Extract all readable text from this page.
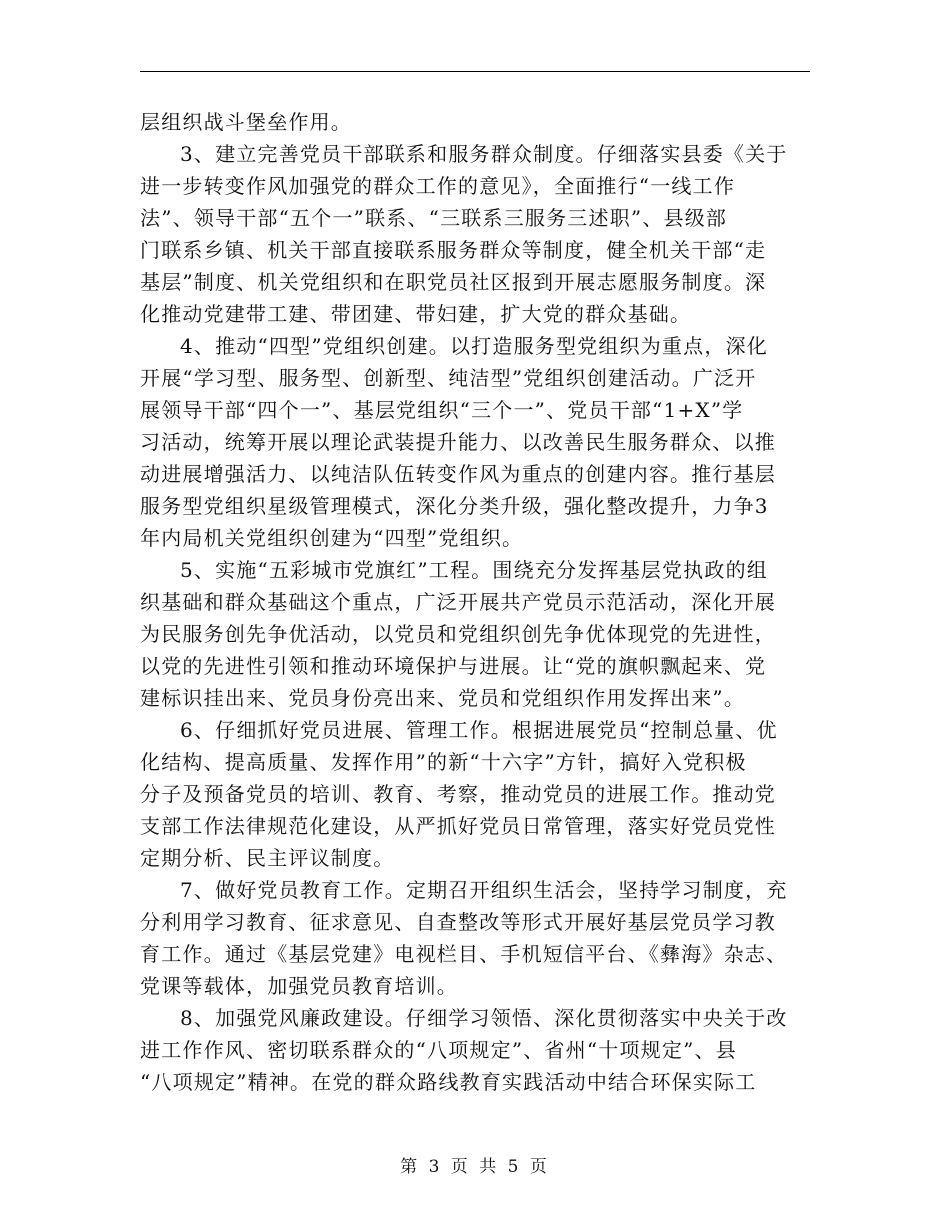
层组织战斗堡垒作用。
3、建立完善党员干部联系和服务群众制度。仔细落实县委《关于
进一步转变作风加强党的群众工作的意见》，全面推行“一线工作
法”、领导干部“五个一”联系、“三联系三服务三述职”、县级部
门联系乡镇、机关干部直接联系服务群众等制度，健全机关干部“走
基层”制度、机关党组织和在职党员社区报到开展志愿服务制度。深
化推动党建带工建、带团建、带妇建，扩大党的群众基础。
4、推动“四型”党组织创建。以打造服务型党组织为重点，深化
开展“学习型、服务型、创新型、纯洁型”党组织创建活动。广泛开
展领导干部“四个一”、基层党组织“三个一”、党员干部“1+X”学
习活动，统筹开展以理论武装提升能力、以改善民生服务群众、以推
动进展增强活力、以纯洁队伍转变作风为重点的创建内容。推行基层
服务型党组织星级管理模式，深化分类升级，强化整改提升，力争3
年内局机关党组织创建为“四型”党组织。
5、实施“五彩城市党旗红”工程。围绕充分发挥基层党执政的组
织基础和群众基础这个重点，广泛开展共产党员示范活动，深化开展
为民服务创先争优活动，以党员和党组织创先争优体现党的先进性，
以党的先进性引领和推动环境保护与进展。让“党的旗帜飘起来、党
建标识挂出来、党员身份亮出来、党员和党组织作用发挥出来”。
6、仔细抓好党员进展、管理工作。根据进展党员“控制总量、优
化结构、提高质量、发挥作用”的新“十六字”方针，搞好入党积极
分子及预备党员的培训、教育、考察，推动党员的进展工作。推动党
支部工作法律规范化建设，从严抓好党员日常管理，落实好党员党性
定期分析、民主评议制度。
7、做好党员教育工作。定期召开组织生活会，坚持学习制度，充
分利用学习教育、征求意见、自查整改等形式开展好基层党员学习教
育工作。通过《基层党建》电视栏目、手机短信平台、《彝海》杂志、
党课等载体，加强党员教育培训。
8、加强党风廉政建设。仔细学习领悟、深化贯彻落实中央关于改
进工作作风、密切联系群众的“八项规定”、省州“十项规定”、县
“八项规定”精神。在党的群众路线教育实践活动中结合环保实际工
第 3 页 共 5 页
